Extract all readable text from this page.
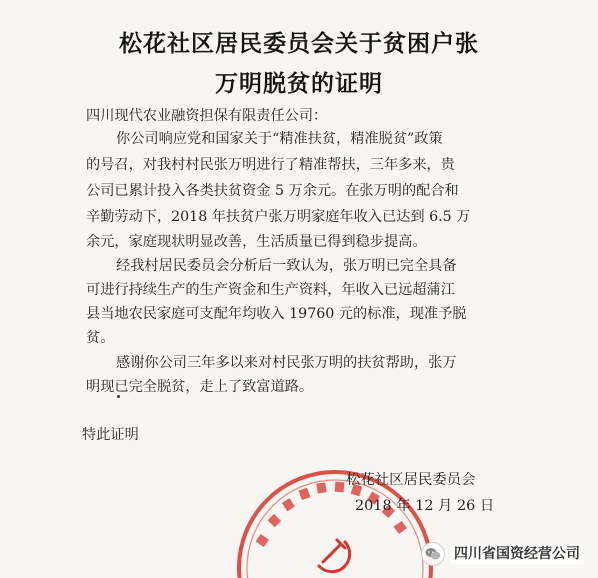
松花社区居民委员会关于贫困户张
万明脱贫的证明
四川现代农业融资担保有限责任公司：
你公司响应党和国家关于“精准扶贫，精准脱贫”政策
的号召，对我村村民张万明进行了精准帮扶，三年多来，贵
公司已累计投入各类扶贫资金 5 万余元。在张万明的配合和
辛勤劳动下，2018 年扶贫户张万明家庭年收入已达到 6.5 万
余元，家庭现状明显改善，生活质量已得到稳步提高。
经我村居民委员会分析后一致认为，张万明已完全具备
可进行持续生产的生产资金和生产资料，年收入已远超蒲江
县当地农民家庭可支配年均收入 19760 元的标准，现准予脱
贫。
感谢你公司三年多以来对村民张万明的扶贫帮助，张万
明现已完全脱贫，走上了致富道路。
特此证明
松花社区居民委员会
2018 年 12 月 26 日
四川省国资经营公司
